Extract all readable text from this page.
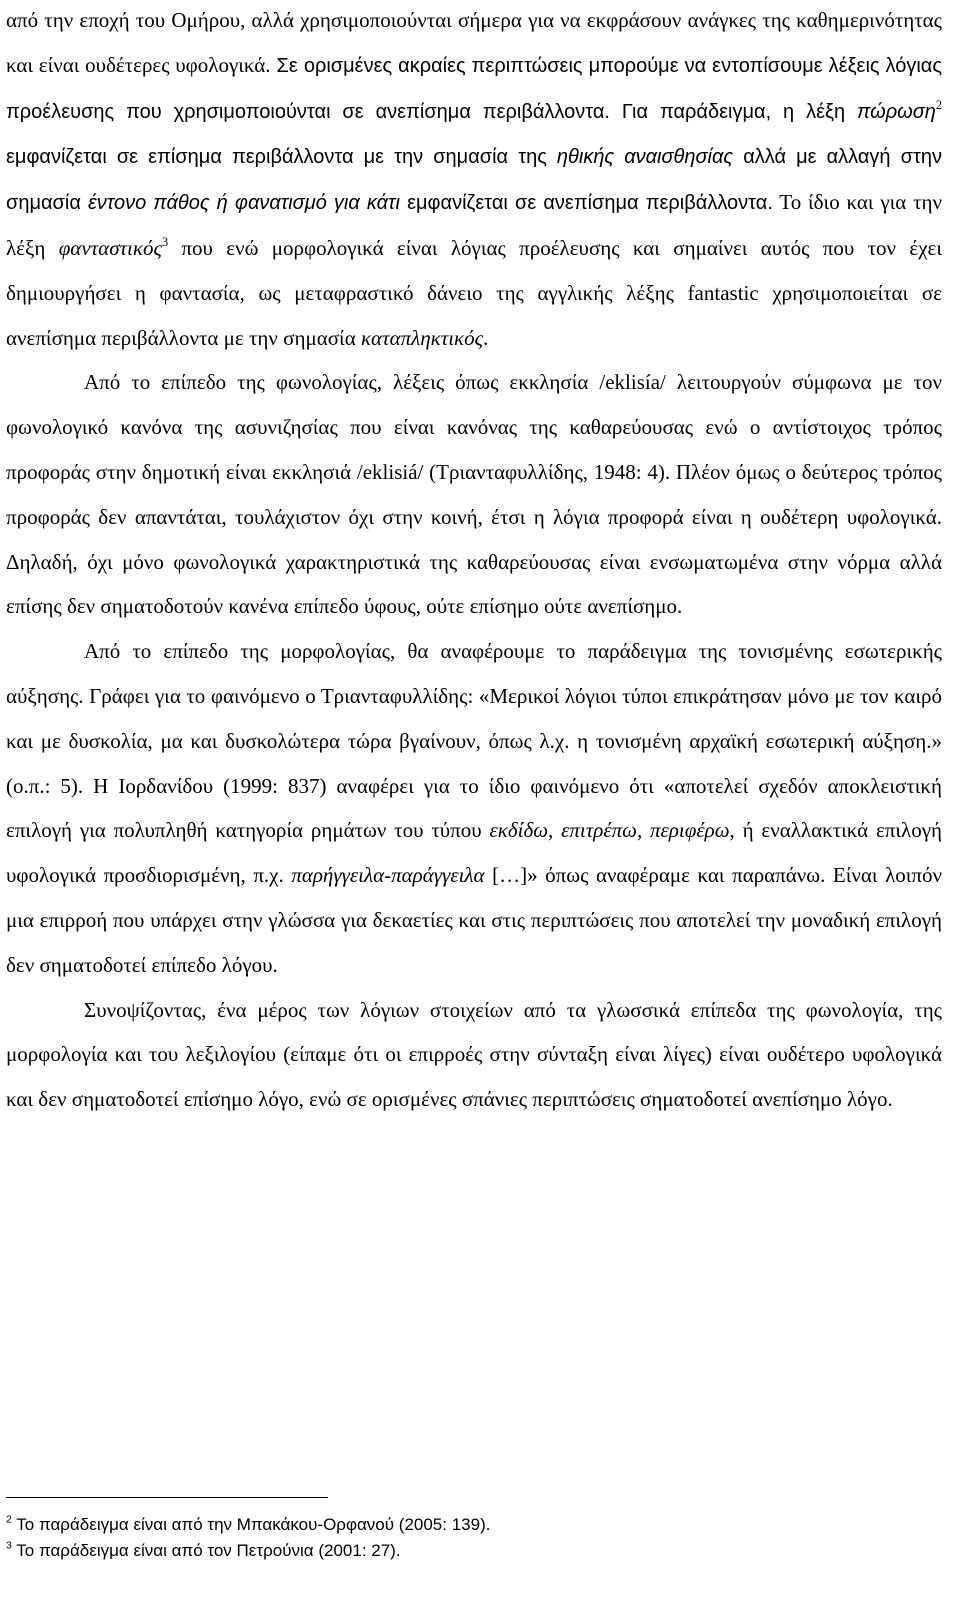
από την εποχή του Ομήρου, αλλά χρησιμοποιούνται σήμερα για να εκφράσουν ανάγκες της καθημερινότητας και είναι ουδέτερες υφολογικά. Σε ορισμένες ακραίες περιπτώσεις μπορούμε να εντοπίσουμε λέξεις λόγιας προέλευσης που χρησιμοποιούνται σε ανεπίσημα περιβάλλοντα. Για παράδειγμα, η λέξη πώρωση$^2$ εμφανίζεται σε επίσημα περιβάλλοντα με την σημασία της ηθικής αναισθησίας αλλά με αλλαγή στην σημασία έντονο πάθος ή φανατισμό για κάτι εμφανίζεται σε ανεπίσημα περιβάλλοντα. Το ίδιο και για την λέξη φανταστικός$^3$ που ενώ μορφολογικά είναι λόγιας προέλευσης και σημαίνει αυτός που τον έχει δημιουργήσει η φαντασία, ως μεταφραστικό δάνειο της αγγλικής λέξης fantastic χρησιμοποιείται σε ανεπίσημα περιβάλλοντα με την σημασία καταπληκτικός.

Από το επίπεδο της φωνολογίας, λέξεις όπως εκκλησία /eklisía/ λειτουργούν σύμφωνα με τον φωνολογικό κανόνα της ασυνιζησίας που είναι κανόνας της καθαρεύουσας ενώ ο αντίστοιχος τρόπος προφοράς στην δημοτική είναι εκκλησιά /eklisiá/ (Τριανταφυλλίδης, 1948: 4). Πλέον όμως ο δεύτερος τρόπος προφοράς δεν απαντάται, τουλάχιστον όχι στην κοινή, έτσι η λόγια προφορά είναι η ουδέτερη υφολογικά. Δηλαδή, όχι μόνο φωνολογικά χαρακτηριστικά της καθαρεύουσας είναι ενσωματωμένα στην νόρμα αλλά επίσης δεν σηματοδοτούν κανένα επίπεδο ύφους, ούτε επίσημο ούτε ανεπίσημο.

Από το επίπεδο της μορφολογίας, θα αναφέρουμε το παράδειγμα της τονισμένης εσωτερικής αύξησης. Γράφει για το φαινόμενο ο Τριανταφυλλίδης: «Μερικοί λόγιοι τύποι επικράτησαν μόνο με τον καιρό και με δυσκολία, μα και δυσκολώτερα τώρα βγαίνουν, όπως λ.χ. η τονισμένη αρχαϊκή εσωτερική αύξηση.» (ο.π.: 5). Η Ιορδανίδου (1999: 837) αναφέρει για το ίδιο φαινόμενο ότι «αποτελεί σχεδόν αποκλειστική επιλογή για πολυπληθή κατηγορία ρημάτων του τύπου εκδίδω, επιτρέπω, περιφέρω, ή εναλλακτικά επιλογή υφολογικά προσδιορισμένη, π.χ. παρήγγειλα-παράγγειλα […]» όπως αναφέραμε και παραπάνω. Είναι λοιπόν μια επιρροή που υπάρχει στην γλώσσα για δεκαετίες και στις περιπτώσεις που αποτελεί την μοναδική επιλογή δεν σηματοδοτεί επίπεδο λόγου.

Συνοψίζοντας, ένα μέρος των λόγιων στοιχείων από τα γλωσσικά επίπεδα της φωνολογία, της μορφολογία και του λεξιλογίου (είπαμε ότι οι επιρροές στην σύνταξη είναι λίγες) είναι ουδέτερο υφολογικά και δεν σηματοδοτεί επίσημο λόγο, ενώ σε ορισμένες σπάνιες περιπτώσεις σηματοδοτεί ανεπίσημο λόγο.

$^2$ Το παράδειγμα είναι από την Μπακάκου-Ορφανού (2005: 139).

$^3$ Το παράδειγμα είναι από τον Πετρούνια (2001: 27).
